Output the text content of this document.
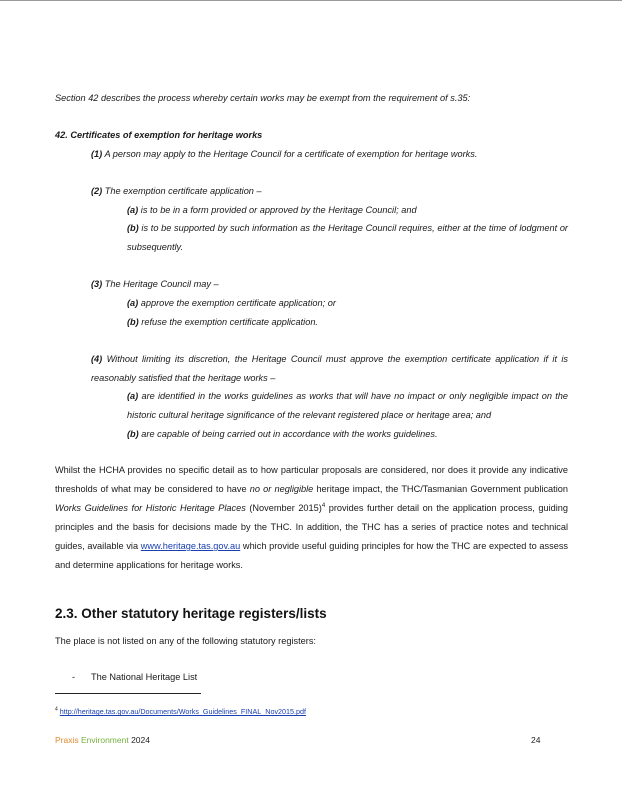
Section 42 describes the process whereby certain works may be exempt from the requirement of s.35:

42. Certificates of exemption for heritage works

(1) A person may apply to the Heritage Council for a certificate of exemption for heritage works.

(2) The exemption certificate application –

(a) is to be in a form provided or approved by the Heritage Council; and

(b) is to be supported by such information as the Heritage Council requires, either at the time of lodgment or subsequently.

(3) The Heritage Council may –

(a) approve the exemption certificate application; or

(b) refuse the exemption certificate application.

(4) Without limiting its discretion, the Heritage Council must approve the exemption certificate application if it is reasonably satisfied that the heritage works –

(a) are identified in the works guidelines as works that will have no impact or only negligible impact on the historic cultural heritage significance of the relevant registered place or heritage area; and

(b) are capable of being carried out in accordance with the works guidelines.

Whilst the HCHA provides no specific detail as to how particular proposals are considered, nor does it provide any indicative thresholds of what may be considered to have no or negligible heritage impact, the THC/Tasmanian Government publication Works Guidelines for Historic Heritage Places (November 2015)$^4$ provides further detail on the application process, guiding principles and the basis for decisions made by the THC. In addition, the THC has a series of practice notes and technical guides, available via www.heritage.tas.gov.au which provide useful guiding principles for how the THC are expected to assess and determine applications for heritage works.

2.3. Other statutory heritage registers/lists

The place is not listed on any of the following statutory registers:

- The National Heritage List
$^4$ http://heritage.tas.gov.au/Documents/Works_Guidelines_FINAL_Nov2015.pdf
Praxis Environment 2024	24
